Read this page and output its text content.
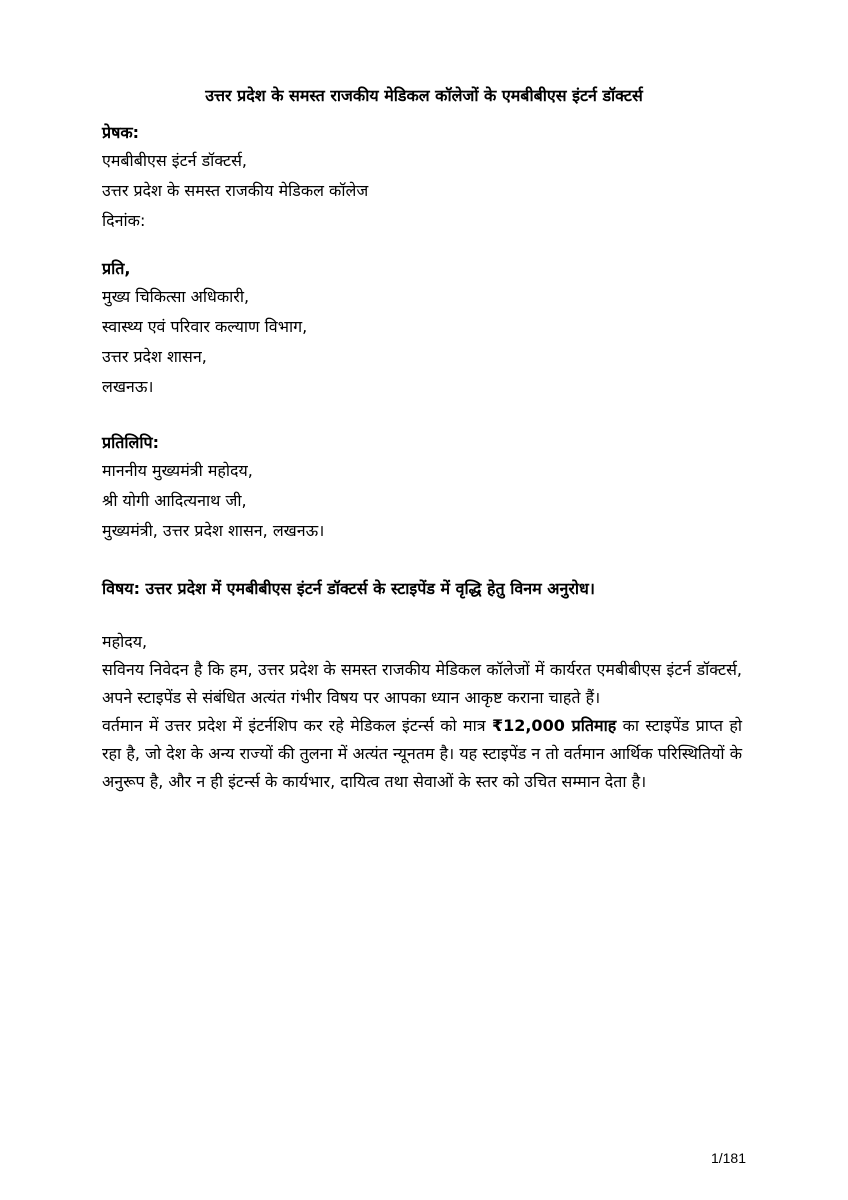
उत्तर प्रदेश के समस्त राजकीय मेडिकल कॉलेजों के एमबीबीएस इंटर्न डॉक्टर्स

प्रेषक:

एमबीबीएस इंटर्न डॉक्टर्स,

उत्तर प्रदेश के समस्त राजकीय मेडिकल कॉलेज

दिनांक:

प्रति,

मुख्य चिकित्सा अधिकारी,

स्वास्थ्य एवं परिवार कल्याण विभाग,

उत्तर प्रदेश शासन,

लखनऊ।

प्रतिलिपि:

माननीय मुख्यमंत्री महोदय,

श्री योगी आदित्यनाथ जी,

मुख्यमंत्री, उत्तर प्रदेश शासन, लखनऊ।

विषय: उत्तर प्रदेश में एमबीबीएस इंटर्न डॉक्टर्स के स्टाइपेंड में वृद्धि हेतु विनम अनुरोध।

महोदय,

सविनय निवेदन है कि हम, उत्तर प्रदेश के समस्त राजकीय मेडिकल कॉलेजों में कार्यरत एमबीबीएस इंटर्न डॉक्टर्स, अपने स्टाइपेंड से संबंधित अत्यंत गंभीर विषय पर आपका ध्यान आकृष्ट कराना चाहते हैं।

वर्तमान में उत्तर प्रदेश में इंटर्नशिप कर रहे मेडिकल इंटर्न्स को मात्र ₹12,000 प्रतिमाह का स्टाइपेंड प्राप्त हो रहा है, जो देश के अन्य राज्यों की तुलना में अत्यंत न्यूनतम है। यह स्टाइपेंड न तो वर्तमान आर्थिक परिस्थितियों के अनुरूप है, और न ही इंटर्न्स के कार्यभार, दायित्व तथा सेवाओं के स्तर को उचित सम्मान देता है।

1/181
